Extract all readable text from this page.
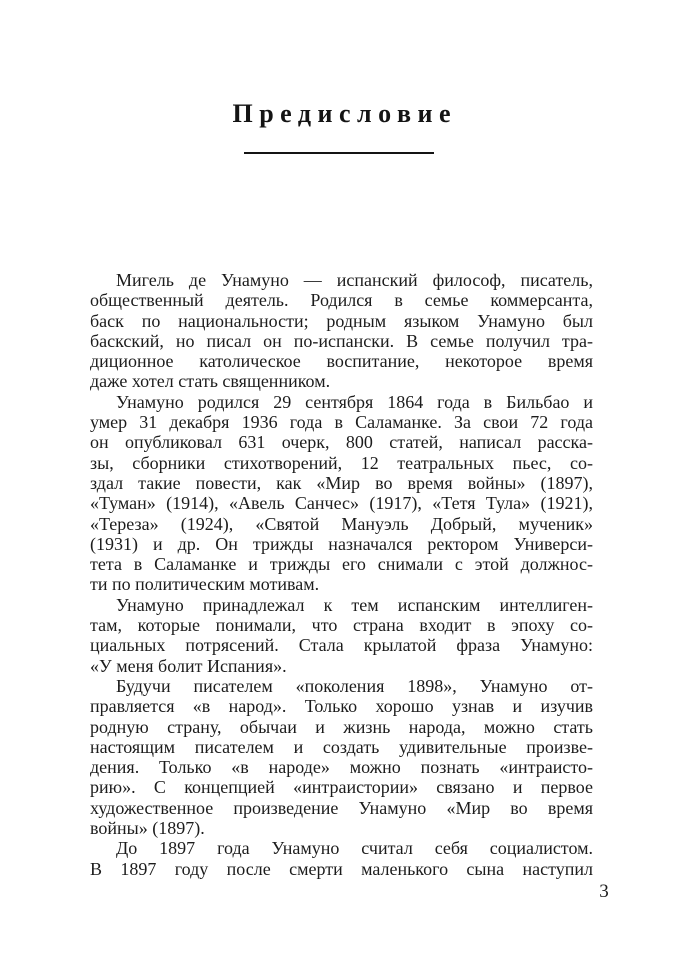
Предисловие
Мигель де Унамуно — испанский философ, писатель,
общественный деятель. Родился в семье коммерсанта,
баск по национальности; родным языком Унамуно был
баскский, но писал он по-испански. В семье получил тра-
диционное католическое воспитание, некоторое время
даже хотел стать священником.
Унамуно родился 29 сентября 1864 года в Бильбао и
умер 31 декабря 1936 года в Саламанке. За свои 72 года
он опубликовал 631 очерк, 800 статей, написал расска-
зы, сборники стихотворений, 12 театральных пьес, со-
здал такие повести, как «Мир во время войны» (1897),
«Туман» (1914), «Авель Санчес» (1917), «Тетя Тула» (1921),
«Тереза» (1924), «Святой Мануэль Добрый, мученик»
(1931) и др. Он трижды назначался ректором Универси-
тета в Саламанке и трижды его снимали с этой должнос-
ти по политическим мотивам.
Унамуно принадлежал к тем испанским интеллиген-
там, которые понимали, что страна входит в эпоху со-
циальных потрясений. Стала крылатой фраза Унамуно:
«У меня болит Испания».
Будучи писателем «поколения 1898», Унамуно от-
правляется «в народ». Только хорошо узнав и изучив
родную страну, обычаи и жизнь народа, можно стать
настоящим писателем и создать удивительные произве-
дения. Только «в народе» можно познать «интраисто-
рию». С концепцией «интраистории» связано и первое
художественное произведение Унамуно «Мир во время
войны» (1897).
До 1897 года Унамуно считал себя социалистом.
В 1897 году после смерти маленького сына наступил
3
